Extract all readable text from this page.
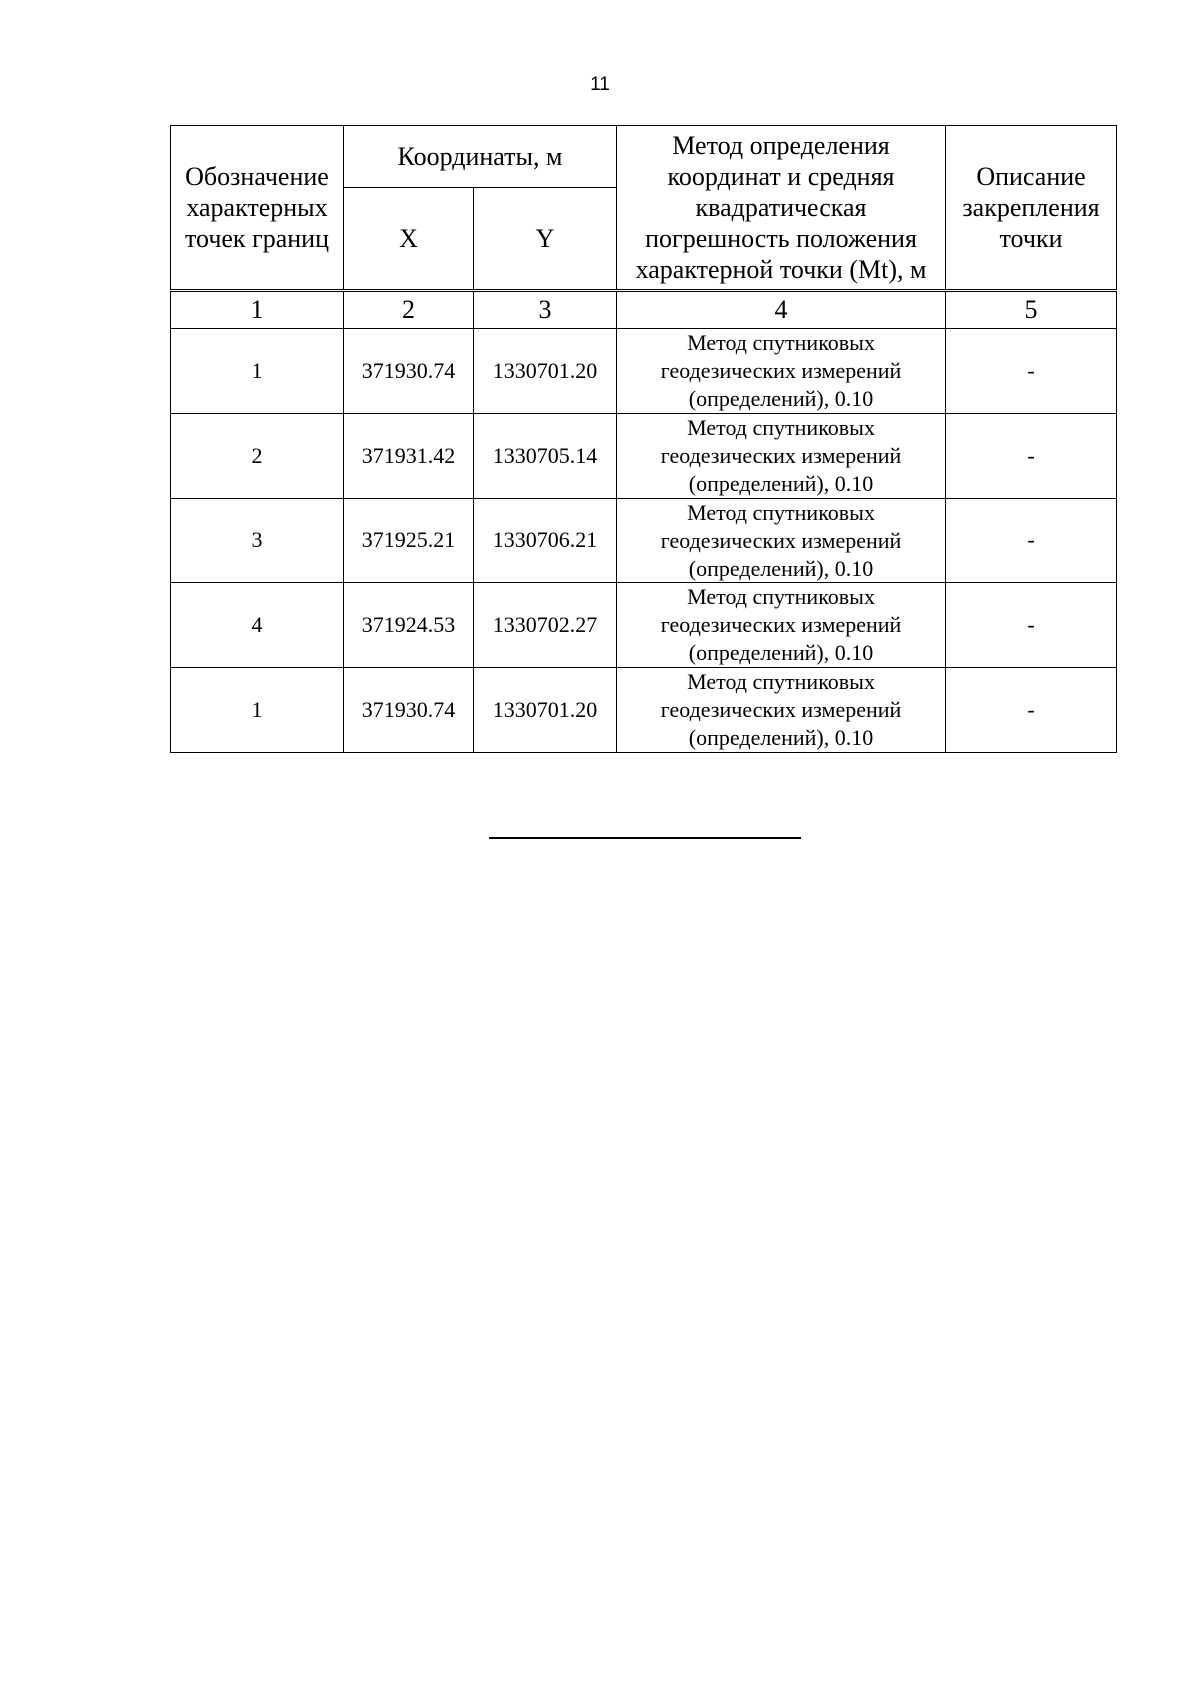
11
Обозначение характерных точек границ	Координаты, м		Метод определения координат и средняя квадратическая погрешность положения характерной точки (Mt), м	Описание закрепления точки
	X	Y		
1	2	3	4	5
1	371930.74	1330701.20	Метод спутниковых геодезических измерений (определений), 0.10	-
2	371931.42	1330705.14	Метод спутниковых геодезических измерений (определений), 0.10	-
3	371925.21	1330706.21	Метод спутниковых геодезических измерений (определений), 0.10	-
4	371924.53	1330702.27	Метод спутниковых геодезических измерений (определений), 0.10	-
1	371930.74	1330701.20	Метод спутниковых геодезических измерений (определений), 0.10	-
